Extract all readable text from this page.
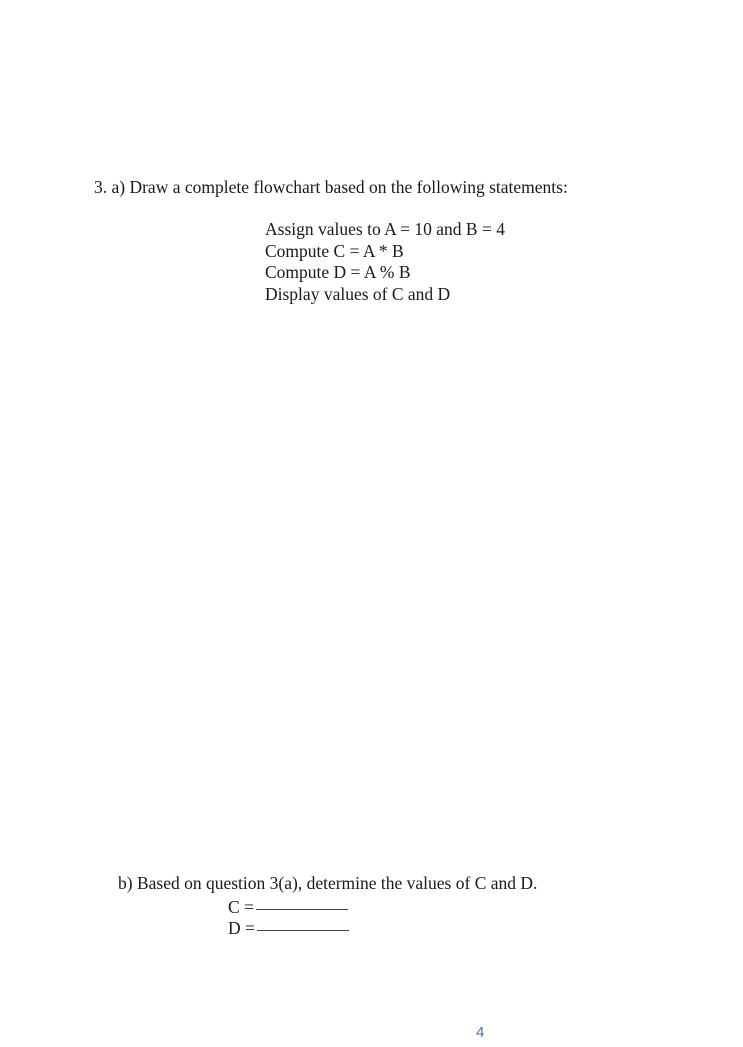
3. a) Draw a complete flowchart based on the following statements:
Assign values to A = 10 and B = 4
Compute C = A * B
Compute D = A % B
Display values of C and D
b) Based on question 3(a), determine the values of C and D.
C =
D =
4
